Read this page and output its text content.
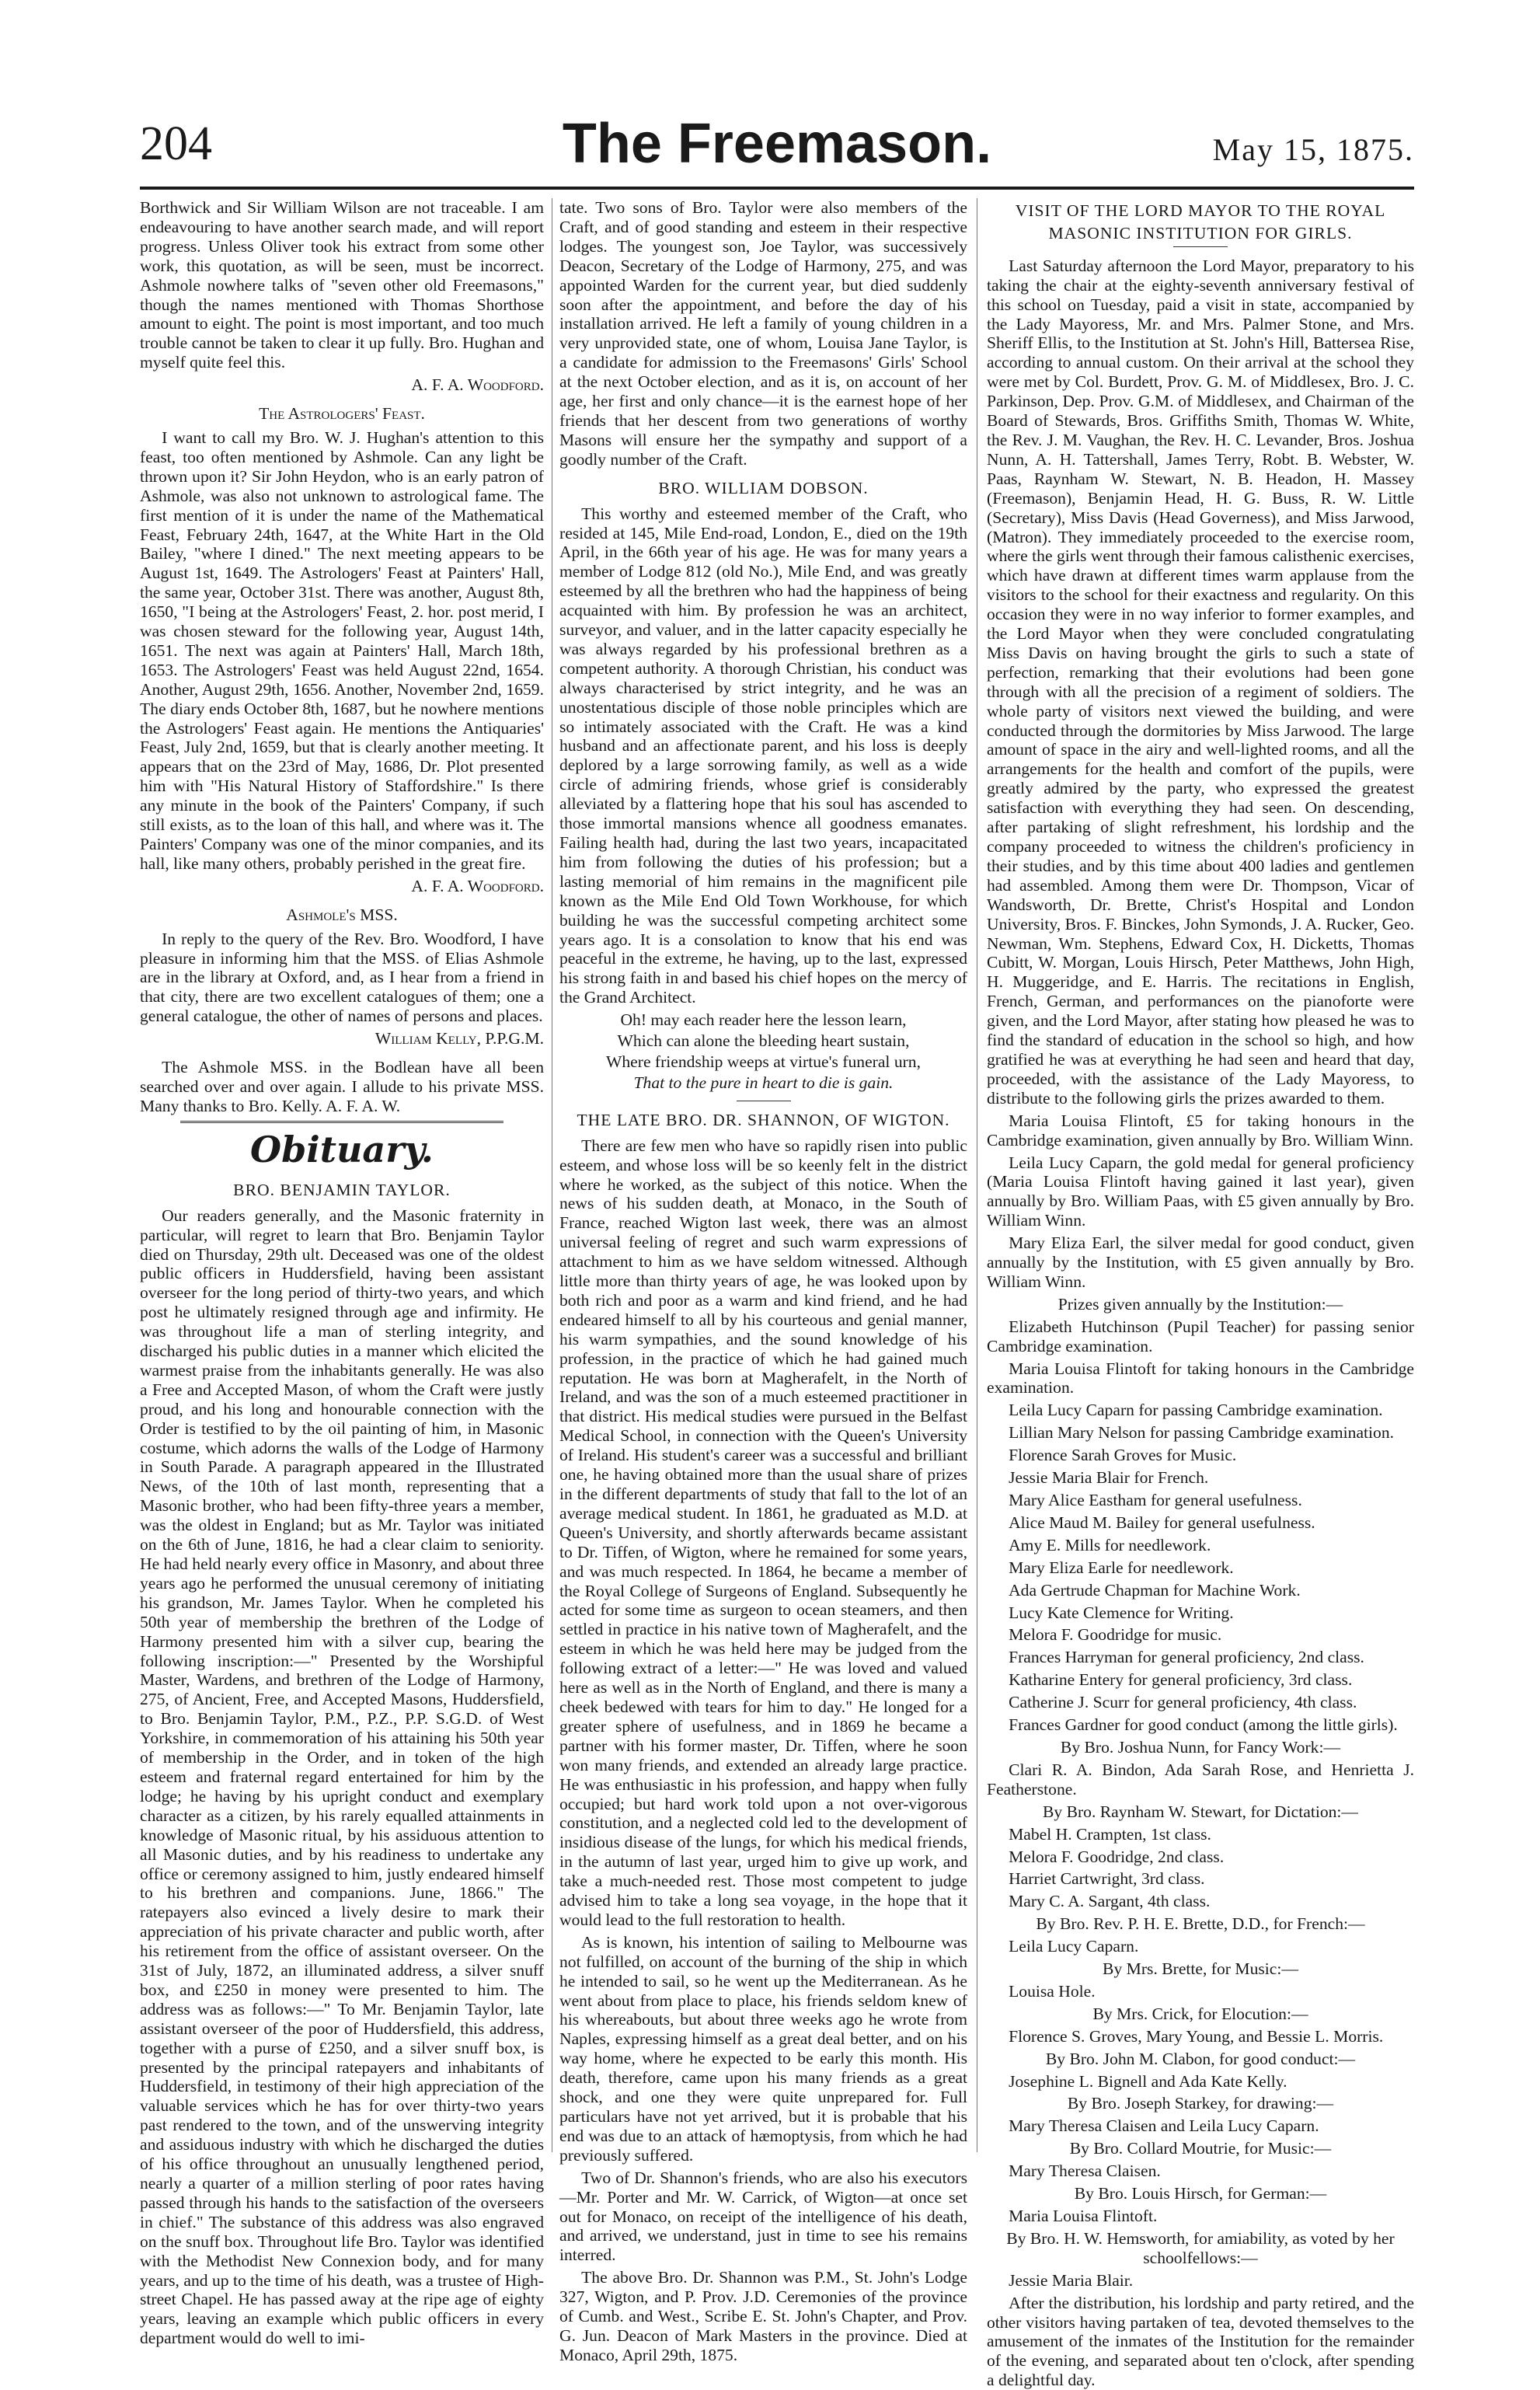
204	The Freemason.	May 15, 1875.

Borthwick and Sir William Wilson are not traceable. I am endeavouring to have another search made, and will report progress. Unless Oliver took his extract from some other work, this quotation, as will be seen, must be incorrect. Ashmole nowhere talks of "seven other old Freemasons," though the names mentioned with Thomas Shorthose amount to eight. The point is most important, and too much trouble cannot be taken to clear it up fully. Bro. Hughan and myself quite feel this.

A. F. A. Woodford.

The Astrologers' Feast.

I want to call my Bro. W. J. Hughan's attention to this feast, too often mentioned by Ashmole. Can any light be thrown upon it? Sir John Heydon, who is an early patron of Ashmole, was also not unknown to astrological fame. The first mention of it is under the name of the Mathematical Feast, February 24th, 1647, at the White Hart in the Old Bailey, "where I dined." The next meeting appears to be August 1st, 1649. The Astrologers' Feast at Painters' Hall, the same year, October 31st. There was another, August 8th, 1650, "I being at the Astrologers' Feast, 2. hor. post merid, I was chosen steward for the following year, August 14th, 1651. The next was again at Painters' Hall, March 18th, 1653. The Astrologers' Feast was held August 22nd, 1654. Another, August 29th, 1656. Another, November 2nd, 1659. The diary ends October 8th, 1687, but he nowhere mentions the Astrologers' Feast again. He mentions the Antiquaries' Feast, July 2nd, 1659, but that is clearly another meeting. It appears that on the 23rd of May, 1686, Dr. Plot presented him with "His Natural History of Staffordshire." Is there any minute in the book of the Painters' Company, if such still exists, as to the loan of this hall, and where was it. The Painters' Company was one of the minor companies, and its hall, like many others, probably perished in the great fire.

A. F. A. Woodford.

Ashmole's MSS.

In reply to the query of the Rev. Bro. Woodford, I have pleasure in informing him that the MSS. of Elias Ashmole are in the library at Oxford, and, as I hear from a friend in that city, there are two excellent catalogues of them; one a general catalogue, the other of names of persons and places.

William Kelly, P.P.G.M.

The Ashmole MSS. in the Bodlean have all been searched over and over again. I allude to his private MSS. Many thanks to Bro. Kelly. A. F. A. W.

Obituary.

BRO. BENJAMIN TAYLOR.

Our readers generally, and the Masonic fraternity in particular, will regret to learn that Bro. Benjamin Taylor died on Thursday, 29th ult. Deceased was one of the oldest public officers in Huddersfield, having been assistant overseer for the long period of thirty-two years, and which post he ultimately resigned through age and infirmity. He was throughout life a man of sterling integrity, and discharged his public duties in a manner which elicited the warmest praise from the inhabitants generally. He was also a Free and Accepted Mason, of whom the Craft were justly proud, and his long and honourable connection with the Order is testified to by the oil painting of him, in Masonic costume, which adorns the walls of the Lodge of Harmony in South Parade. A paragraph appeared in the Illustrated News, of the 10th of last month, representing that a Masonic brother, who had been fifty-three years a member, was the oldest in England; but as Mr. Taylor was initiated on the 6th of June, 1816, he had a clear claim to seniority. He had held nearly every office in Masonry, and about three years ago he performed the unusual ceremony of initiating his grandson, Mr. James Taylor. When he completed his 50th year of membership the brethren of the Lodge of Harmony presented him with a silver cup, bearing the following inscription:—" Presented by the Worshipful Master, Wardens, and brethren of the Lodge of Harmony, 275, of Ancient, Free, and Accepted Masons, Huddersfield, to Bro. Benjamin Taylor, P.M., P.Z., P.P. S.G.D. of West Yorkshire, in commemoration of his attaining his 50th year of membership in the Order, and in token of the high esteem and fraternal regard entertained for him by the lodge; he having by his upright conduct and exemplary character as a citizen, by his rarely equalled attainments in knowledge of Masonic ritual, by his assiduous attention to all Masonic duties, and by his readiness to undertake any office or ceremony assigned to him, justly endeared himself to his brethren and companions. June, 1866." The ratepayers also evinced a lively desire to mark their appreciation of his private character and public worth, after his retirement from the office of assistant overseer. On the 31st of July, 1872, an illuminated address, a silver snuff box, and £250 in money were presented to him. The address was as follows:—" To Mr. Benjamin Taylor, late assistant overseer of the poor of Huddersfield, this address, together with a purse of £250, and a silver snuff box, is presented by the principal ratepayers and inhabitants of Huddersfield, in testimony of their high appreciation of the valuable services which he has for over thirty-two years past rendered to the town, and of the unswerving integrity and assiduous industry with which he discharged the duties of his office throughout an unusually lengthened period, nearly a quarter of a million sterling of poor rates having passed through his hands to the satisfaction of the overseers in chief." The substance of this address was also engraved on the snuff box. Throughout life Bro. Taylor was identified with the Methodist New Connexion body, and for many years, and up to the time of his death, was a trustee of High-street Chapel. He has passed away at the ripe age of eighty years, leaving an example which public officers in every department would do well to imi-

tate. Two sons of Bro. Taylor were also members of the Craft, and of good standing and esteem in their respective lodges. The youngest son, Joe Taylor, was successively Deacon, Secretary of the Lodge of Harmony, 275, and was appointed Warden for the current year, but died suddenly soon after the appointment, and before the day of his installation arrived. He left a family of young children in a very unprovided state, one of whom, Louisa Jane Taylor, is a candidate for admission to the Freemasons' Girls' School at the next October election, and as it is, on account of her age, her first and only chance—it is the earnest hope of her friends that her descent from two generations of worthy Masons will ensure her the sympathy and support of a goodly number of the Craft.

BRO. WILLIAM DOBSON.

This worthy and esteemed member of the Craft, who resided at 145, Mile End-road, London, E., died on the 19th April, in the 66th year of his age. He was for many years a member of Lodge 812 (old No.), Mile End, and was greatly esteemed by all the brethren who had the happiness of being acquainted with him. By profession he was an architect, surveyor, and valuer, and in the latter capacity especially he was always regarded by his professional brethren as a competent authority. A thorough Christian, his conduct was always characterised by strict integrity, and he was an unostentatious disciple of those noble principles which are so intimately associated with the Craft. He was a kind husband and an affectionate parent, and his loss is deeply deplored by a large sorrowing family, as well as a wide circle of admiring friends, whose grief is considerably alleviated by a flattering hope that his soul has ascended to those immortal mansions whence all goodness emanates. Failing health had, during the last two years, incapacitated him from following the duties of his profession; but a lasting memorial of him remains in the magnificent pile known as the Mile End Old Town Workhouse, for which building he was the successful competing architect some years ago. It is a consolation to know that his end was peaceful in the extreme, he having, up to the last, expressed his strong faith in and based his chief hopes on the mercy of the Grand Architect.

Oh! may each reader here the lesson learn,

Which can alone the bleeding heart sustain,

Where friendship weeps at virtue's funeral urn,

That to the pure in heart to die is gain.

THE LATE BRO. DR. SHANNON, OF WIGTON.

There are few men who have so rapidly risen into public esteem, and whose loss will be so keenly felt in the district where he worked, as the subject of this notice. When the news of his sudden death, at Monaco, in the South of France, reached Wigton last week, there was an almost universal feeling of regret and such warm expressions of attachment to him as we have seldom witnessed. Although little more than thirty years of age, he was looked upon by both rich and poor as a warm and kind friend, and he had endeared himself to all by his courteous and genial manner, his warm sympathies, and the sound knowledge of his profession, in the practice of which he had gained much reputation. He was born at Magherafelt, in the North of Ireland, and was the son of a much esteemed practitioner in that district. His medical studies were pursued in the Belfast Medical School, in connection with the Queen's University of Ireland. His student's career was a successful and brilliant one, he having obtained more than the usual share of prizes in the different departments of study that fall to the lot of an average medical student. In 1861, he graduated as M.D. at Queen's University, and shortly afterwards became assistant to Dr. Tiffen, of Wigton, where he remained for some years, and was much respected. In 1864, he became a member of the Royal College of Surgeons of England. Subsequently he acted for some time as surgeon to ocean steamers, and then settled in practice in his native town of Magherafelt, and the esteem in which he was held here may be judged from the following extract of a letter:—" He was loved and valued here as well as in the North of England, and there is many a cheek bedewed with tears for him to day." He longed for a greater sphere of usefulness, and in 1869 he became a partner with his former master, Dr. Tiffen, where he soon won many friends, and extended an already large practice. He was enthusiastic in his profession, and happy when fully occupied; but hard work told upon a not over-vigorous constitution, and a neglected cold led to the development of insidious disease of the lungs, for which his medical friends, in the autumn of last year, urged him to give up work, and take a much-needed rest. Those most competent to judge advised him to take a long sea voyage, in the hope that it would lead to the full restoration to health.

As is known, his intention of sailing to Melbourne was not fulfilled, on account of the burning of the ship in which he intended to sail, so he went up the Mediterranean. As he went about from place to place, his friends seldom knew of his whereabouts, but about three weeks ago he wrote from Naples, expressing himself as a great deal better, and on his way home, where he expected to be early this month. His death, therefore, came upon his many friends as a great shock, and one they were quite unprepared for. Full particulars have not yet arrived, but it is probable that his end was due to an attack of hæmoptysis, from which he had previously suffered.

Two of Dr. Shannon's friends, who are also his executors—Mr. Porter and Mr. W. Carrick, of Wigton—at once set out for Monaco, on receipt of the intelligence of his death, and arrived, we understand, just in time to see his remains interred.

The above Bro. Dr. Shannon was P.M., St. John's Lodge 327, Wigton, and P. Prov. J.D. Ceremonies of the province of Cumb. and West., Scribe E. St. John's Chapter, and Prov. G. Jun. Deacon of Mark Masters in the province. Died at Monaco, April 29th, 1875.

VISIT OF THE LORD MAYOR TO THE ROYAL

MASONIC INSTITUTION FOR GIRLS.

Last Saturday afternoon the Lord Mayor, preparatory to his taking the chair at the eighty-seventh anniversary festival of this school on Tuesday, paid a visit in state, accompanied by the Lady Mayoress, Mr. and Mrs. Palmer Stone, and Mrs. Sheriff Ellis, to the Institution at St. John's Hill, Battersea Rise, according to annual custom. On their arrival at the school they were met by Col. Burdett, Prov. G. M. of Middlesex, Bro. J. C. Parkinson, Dep. Prov. G.M. of Middlesex, and Chairman of the Board of Stewards, Bros. Griffiths Smith, Thomas W. White, the Rev. J. M. Vaughan, the Rev. H. C. Levander, Bros. Joshua Nunn, A. H. Tattershall, James Terry, Robt. B. Webster, W. Paas, Raynham W. Stewart, N. B. Headon, H. Massey (Freemason), Benjamin Head, H. G. Buss, R. W. Little (Secretary), Miss Davis (Head Governess), and Miss Jarwood, (Matron). They immediately proceeded to the exercise room, where the girls went through their famous calisthenic exercises, which have drawn at different times warm applause from the visitors to the school for their exactness and regularity. On this occasion they were in no way inferior to former examples, and the Lord Mayor when they were concluded congratulating Miss Davis on having brought the girls to such a state of perfection, remarking that their evolutions had been gone through with all the precision of a regiment of soldiers. The whole party of visitors next viewed the building, and were conducted through the dormitories by Miss Jarwood. The large amount of space in the airy and well-lighted rooms, and all the arrangements for the health and comfort of the pupils, were greatly admired by the party, who expressed the greatest satisfaction with everything they had seen. On descending, after partaking of slight refreshment, his lordship and the company proceeded to witness the children's proficiency in their studies, and by this time about 400 ladies and gentlemen had assembled. Among them were Dr. Thompson, Vicar of Wandsworth, Dr. Brette, Christ's Hospital and London University, Bros. F. Binckes, John Symonds, J. A. Rucker, Geo. Newman, Wm. Stephens, Edward Cox, H. Dicketts, Thomas Cubitt, W. Morgan, Louis Hirsch, Peter Matthews, John High, H. Muggeridge, and E. Harris. The recitations in English, French, German, and performances on the pianoforte were given, and the Lord Mayor, after stating how pleased he was to find the standard of education in the school so high, and how gratified he was at everything he had seen and heard that day, proceeded, with the assistance of the Lady Mayoress, to distribute to the following girls the prizes awarded to them.

Maria Louisa Flintoft, £5 for taking honours in the Cambridge examination, given annually by Bro. William Winn.

Leila Lucy Caparn, the gold medal for general proficiency (Maria Louisa Flintoft having gained it last year), given annually by Bro. William Paas, with £5 given annually by Bro. William Winn.

Mary Eliza Earl, the silver medal for good conduct, given annually by the Institution, with £5 given annually by Bro. William Winn.

Prizes given annually by the Institution:—

Elizabeth Hutchinson (Pupil Teacher) for passing senior Cambridge examination.

Maria Louisa Flintoft for taking honours in the Cambridge examination.

Leila Lucy Caparn for passing Cambridge examination.

Lillian Mary Nelson for passing Cambridge examination.

Florence Sarah Groves for Music.

Jessie Maria Blair for French.

Mary Alice Eastham for general usefulness.

Alice Maud M. Bailey for general usefulness.

Amy E. Mills for needlework.

Mary Eliza Earle for needlework.

Ada Gertrude Chapman for Machine Work.

Lucy Kate Clemence for Writing.

Melora F. Goodridge for music.

Frances Harryman for general proficiency, 2nd class.

Katharine Entery for general proficiency, 3rd class.

Catherine J. Scurr for general proficiency, 4th class.

Frances Gardner for good conduct (among the little girls).

By Bro. Joshua Nunn, for Fancy Work:—

Clari R. A. Bindon, Ada Sarah Rose, and Henrietta J. Featherstone.

By Bro. Raynham W. Stewart, for Dictation:—

Mabel H. Crampten, 1st class.

Melora F. Goodridge, 2nd class.

Harriet Cartwright, 3rd class.

Mary C. A. Sargant, 4th class.

By Bro. Rev. P. H. E. Brette, D.D., for French:—

Leila Lucy Caparn.

By Mrs. Brette, for Music:—

Louisa Hole.

By Mrs. Crick, for Elocution:—

Florence S. Groves, Mary Young, and Bessie L. Morris.

By Bro. John M. Clabon, for good conduct:—

Josephine L. Bignell and Ada Kate Kelly.

By Bro. Joseph Starkey, for drawing:—

Mary Theresa Claisen and Leila Lucy Caparn.

By Bro. Collard Moutrie, for Music:—

Mary Theresa Claisen.

By Bro. Louis Hirsch, for German:—

Maria Louisa Flintoft.

By Bro. H. W. Hemsworth, for amiability, as voted by her schoolfellows:—

Jessie Maria Blair.

After the distribution, his lordship and party retired, and the other visitors having partaken of tea, devoted themselves to the amusement of the inmates of the Institution for the remainder of the evening, and separated about ten o'clock, after spending a delightful day.
